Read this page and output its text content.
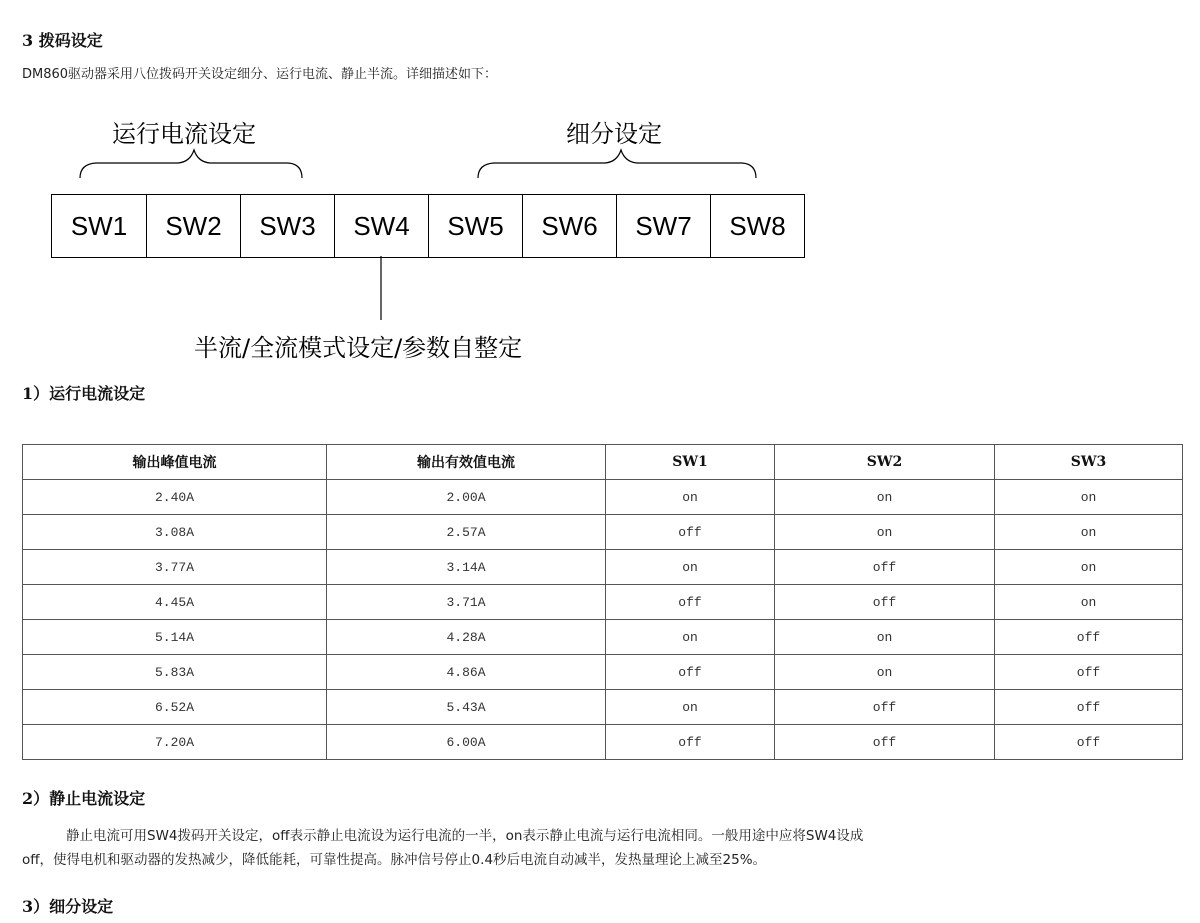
3 拨码设定
DM860驱动器采用八位拨码开关设定细分、运行电流、静止半流。详细描述如下：
运行电流设定	细分设定
SW1	SW2	SW3	SW4	SW5	SW6	SW7	SW8
半流/全流模式设定/参数自整定
1）运行电流设定
输出峰值电流	输出有效值电流	SW1	SW2	SW3
2.40A	2.00A	on	on	on
3.08A	2.57A	off	on	on
3.77A	3.14A	on	off	on
4.45A	3.71A	off	off	on
5.14A	4.28A	on	on	off
5.83A	4.86A	off	on	off
6.52A	5.43A	on	off	off
7.20A	6.00A	off	off	off
2）静止电流设定
静止电流可用SW4拨码开关设定，off表示静止电流设为运行电流的一半，on表示静止电流与运行电流相同。一般用途中应将SW4设成
off，使得电机和驱动器的发热减少，降低能耗，可靠性提高。脉冲信号停止0.4秒后电流自动减半，发热量理论上减至25%。
3）细分设定
